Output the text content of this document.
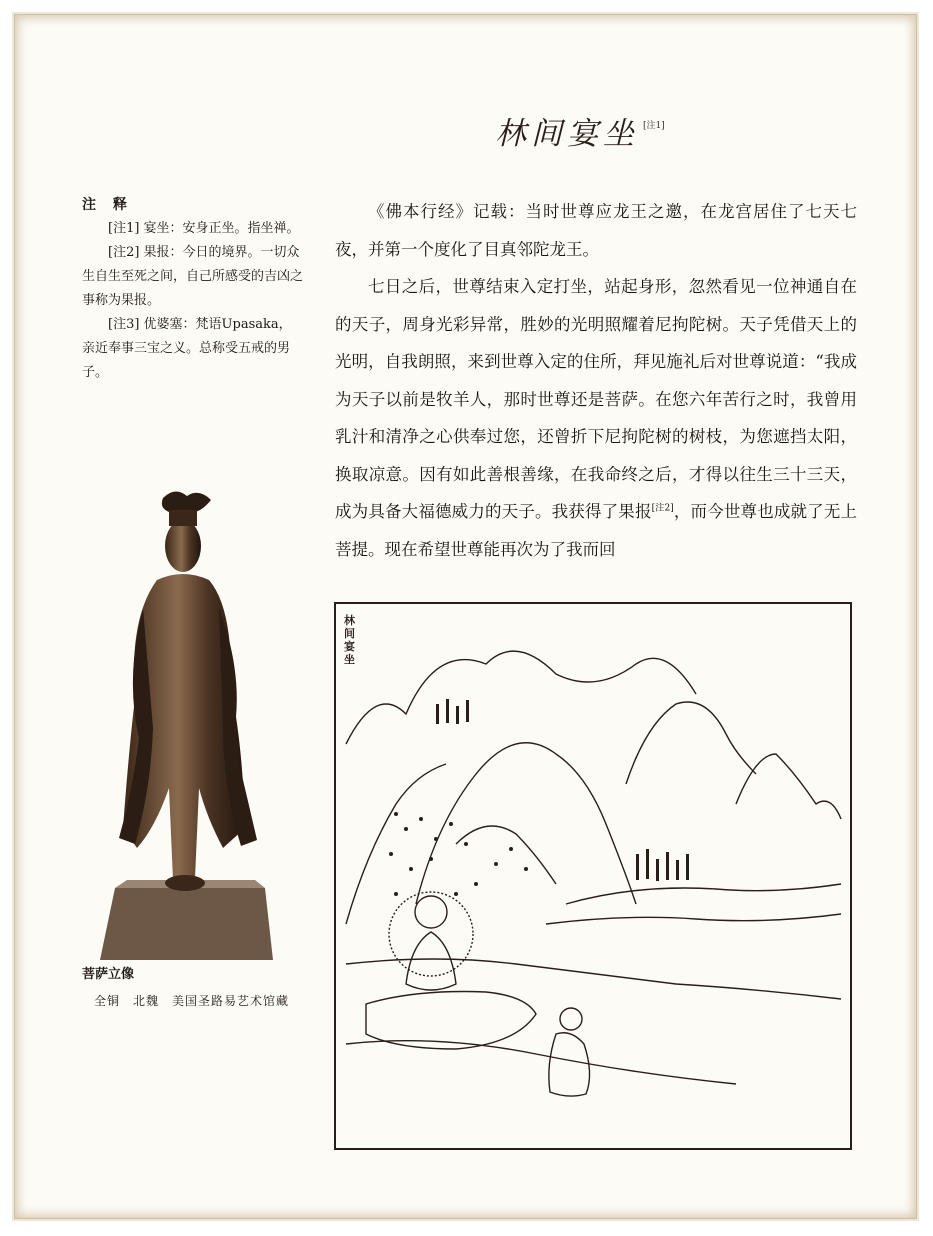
林间宴坐 [注1]
注 释

[注1] 宴坐：安身正坐。指坐禅。

[注2] 果报：今日的境界。一切众生自生至死之间，自己所感受的吉凶之事称为果报。

[注3] 优婆塞：梵语Upasaka，亲近奉事三宝之义。总称受五戒的男子。

《佛本行经》记载：当时世尊应龙王之邀，在龙宫居住了七天七夜，并第一个度化了目真邻陀龙王。

七日之后，世尊结束入定打坐，站起身形，忽然看见一位神通自在的天子，周身光彩异常，胜妙的光明照耀着尼拘陀树。天子凭借天上的光明，自我朗照，来到世尊入定的住所，拜见施礼后对世尊说道：“我成为天子以前是牧羊人，那时世尊还是菩萨。在您六年苦行之时，我曾用乳汁和清净之心供奉过您，还曾折下尼拘陀树的树枝，为您遮挡太阳，换取凉意。因有如此善根善缘，在我命终之后，才得以往生三十三天，成为具备大福德威力的天子。我获得了果报[注2]，而今世尊也成就了无上菩提。现在希望世尊能再次为了我而回

菩萨立像
全铜　北魏　美国圣路易艺术馆藏
林间宴坐
